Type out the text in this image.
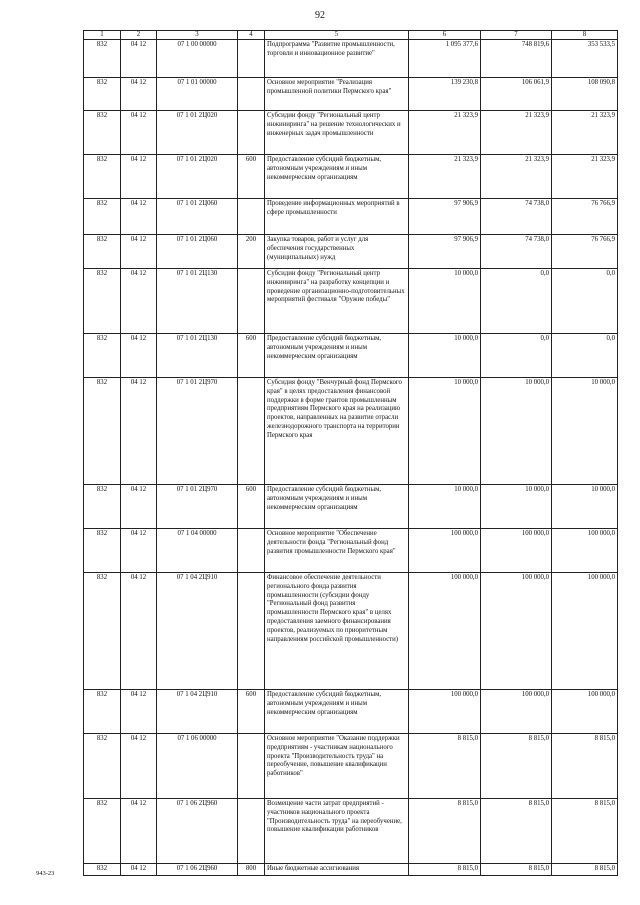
92
1	2	3	4	5	6	7	8
832	04 12	07 1 00 00000		Подпрограмма "Развитие промышленности, торговли и инновационное развитие"	1 095 377,6	748 819,6	353 533,5
832	04 12	07 1 01 00000		Основное мероприятие "Реализация промышленной политики Пермского края"	139 230,8	106 061,9	108 090,8
832	04 12	07 1 01 2Ц020		Субсидии фонду "Региональный центр инжиниринга" на решение технологических и инженерных задач промышленности	21 323,9	21 323,9	21 323,9
832	04 12	07 1 01 2Ц020	600	Предоставление субсидий бюджетным, автономным учреждениям и иным некоммерческим организациям	21 323,9	21 323,9	21 323,9
832	04 12	07 1 01 2Ц060		Проведение информационных мероприятий в сфере промышленности	97 906,9	74 738,0	76 766,9
832	04 12	07 1 01 2Ц060	200	Закупка товаров, работ и услуг для обеспечения государственных (муниципальных) нужд	97 906,9	74 738,0	76 766,9
832	04 12	07 1 01 2Ц130		Субсидии фонду "Региональный центр инжиниринга" на разработку концепции и проведение организационно-подготовительных мероприятий фестиваля "Оружие победы"	10 000,0	0,0	0,0
832	04 12	07 1 01 2Ц130	600	Предоставление субсидий бюджетным, автономным учреждениям и иным некоммерческим организациям	10 000,0	0,0	0,0
832	04 12	07 1 01 2Ц970		Субсидия фонду "Венчурный фонд Пермского края" в целях предоставления финансовой поддержки в форме грантов промышленным предприятиям Пермского края на реализацию проектов, направленных на развитие отрасли железнодорожного транспорта на территории Пермского края	10 000,0	10 000,0	10 000,0
832	04 12	07 1 01 2Ц970	600	Предоставление субсидий бюджетным, автономным учреждениям и иным некоммерческим организациям	10 000,0	10 000,0	10 000,0
832	04 12	07 1 04 00000		Основное мероприятие "Обеспечение деятельности фонда "Региональный фонд развития промышленности Пермского края"	100 000,0	100 000,0	100 000,0
832	04 12	07 1 04 2Ц910		Финансовое обеспечение деятельности регионального фонда развития промышленности (субсидии фонду "Региональный фонд развития промышленности Пермского края" в целях предоставления заемного финансирования проектов, реализуемых по приоритетным направлениям российской промышленности)	100 000,0	100 000,0	100 000,0
832	04 12	07 1 04 2Ц910	600	Предоставление субсидий бюджетным, автономным учреждениям и иным некоммерческим организациям	100 000,0	100 000,0	100 000,0
832	04 12	07 1 06 00000		Основное мероприятие "Оказание поддержки предприятиям - участникам национального проекта "Производительность труда" на переобучение, повышение квалификации работников"	8 815,0	8 815,0	8 815,0
832	04 12	07 1 06 2Ц960		Возмещение части затрат предприятий - участников национального проекта "Производительность труда" на переобучение, повышение квалификации работников	8 815,0	8 815,0	8 815,0
832	04 12	07 1 06 2Ц960	800	Иные бюджетные ассигнования	8 815,0	8 815,0	8 815,0
943-23
